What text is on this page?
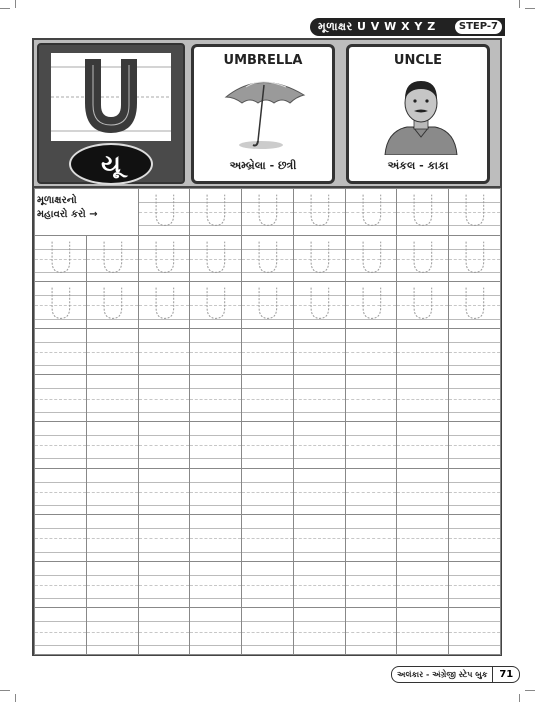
મૂળાક્ષર U V W X Y Z	STEP-7
યૂ
UMBRELLA
અમ્બ્રેલા - છત્રી
UNCLE
અંકલ - કાકા
મૂળાક્ષરનો
મહાવરો કરો →
અલંકાર - અંગ્રેજી સ્ટેપ બુક	71
